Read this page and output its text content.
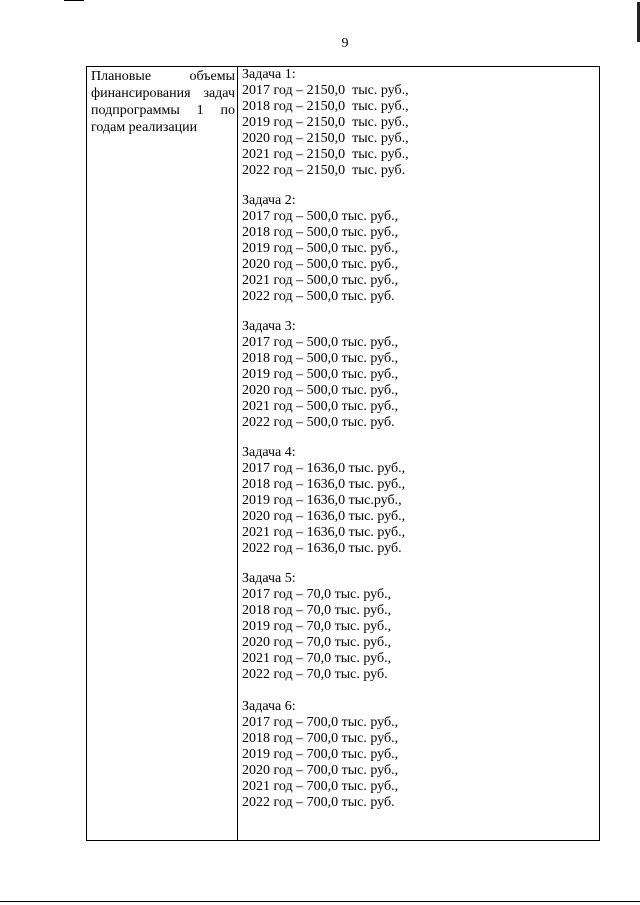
9
Плановые объемы
финансирования задач
подпрограммы 1 по
годам реализации
Задача 1:
2017 год – 2150,0  тыс. руб.,
2018 год – 2150,0  тыс. руб.,
2019 год – 2150,0  тыс. руб.,
2020 год – 2150,0  тыс. руб.,
2021 год – 2150,0  тыс. руб.,
2022 год – 2150,0  тыс. руб.
Задача 2:
2017 год – 500,0 тыс. руб.,
2018 год – 500,0 тыс. руб.,
2019 год – 500,0 тыс. руб.,
2020 год – 500,0 тыс. руб.,
2021 год – 500,0 тыс. руб.,
2022 год – 500,0 тыс. руб.
Задача 3:
2017 год – 500,0 тыс. руб.,
2018 год – 500,0 тыс. руб.,
2019 год – 500,0 тыс. руб.,
2020 год – 500,0 тыс. руб.,
2021 год – 500,0 тыс. руб.,
2022 год – 500,0 тыс. руб.
Задача 4:
2017 год – 1636,0 тыс. руб.,
2018 год – 1636,0 тыс. руб.,
2019 год – 1636,0 тыс.руб.,
2020 год – 1636,0 тыс. руб.,
2021 год – 1636,0 тыс. руб.,
2022 год – 1636,0 тыс. руб.
Задача 5:
2017 год – 70,0 тыс. руб.,
2018 год – 70,0 тыс. руб.,
2019 год – 70,0 тыс. руб.,
2020 год – 70,0 тыс. руб.,
2021 год – 70,0 тыс. руб.,
2022 год – 70,0 тыс. руб.
Задача 6:
2017 год – 700,0 тыс. руб.,
2018 год – 700,0 тыс. руб.,
2019 год – 700,0 тыс. руб.,
2020 год – 700,0 тыс. руб.,
2021 год – 700,0 тыс. руб.,
2022 год – 700,0 тыс. руб.
